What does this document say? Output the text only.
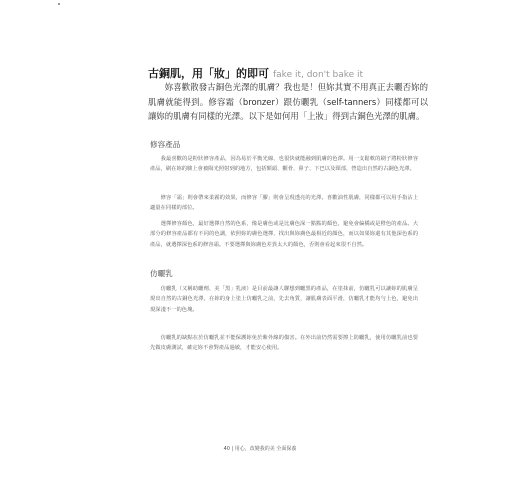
古銅肌，用「妝」的即可 fake it, don't bake it

妳喜歡散發古銅色光澤的肌膚？我也是！但妳其實不用真正去曬否妳的肌膚就能得到。修容霜（bronzer）跟仿曬乳（self-tanners）同樣都可以讓妳的肌膚有同樣的光澤。以下是如何用「上妝」得到古銅色光澤的肌膚。

修容產品

我最喜歡的是粉狀修容產品，因為易於平衡光線，也很快就能融到肌膚的色澤。用一支鬆軟的刷子將粉狀修容產品，刷在妳的臉上會被陽光照射到的地方，包括額頭、顴骨、鼻子、下巴以及頸部，營造出自然的古銅色光澤。

修容「霜」則會帶來柔霧的效果，而修容「膠」則會呈現透亮的光澤。喜歡油性肌膚，同樣都可以用手指沾上適量在同樣的部位。

選擇修容顏色，最好選擇自然的色系，像是膚色或是比膚色深一點點的顏色，避免會偏橘或是橙色的產品。大部分的修容產品都有不同的色調，依照妳的膚色選擇，找出與妳膚色最相近的顏色，而以如果妳還有其他深色系的產品，就選擇深色系的修容霜。不要選擇與妳膚色差異太大的顏色，否則會看起來很不自然。

仿曬乳

仿曬乳（又稱助曬劑、美「黑」乳液）是目前最讓人聯想到曬黑的產品，在塗抹前，仿曬乳可以讓妳的肌膚呈現出自然的古銅色光澤，在妳的身上塗上仿曬乳之前，先去角質，讓肌膚表面平滑，仿曬乳才能均勻上色，避免出現深淺不一的色塊。

仿曬乳的缺點在於仿曬乳並不能保護妳免於紫外線的傷害。在外出前仍然需要擦上防曬乳，使用仿曬乳前也要先做皮膚測試，確定妳不會對產品過敏，才能安心使用。

40 | 用心，改變我的美 全面保養
